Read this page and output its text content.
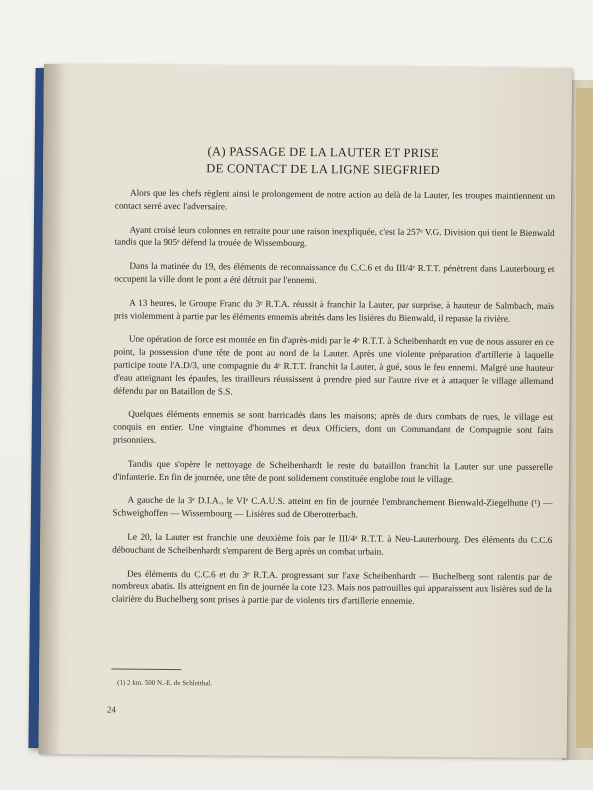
(A) PASSAGE DE LA LAUTER ET PRISE
DE CONTACT DE LA LIGNE SIEGFRIED

Alors que les chefs règlent ainsi le prolongement de notre action au delà de la Lauter, les troupes maintiennent un contact serré avec l'adversaire.

Ayant croisé leurs colonnes en retraite pour une raison inexpliquée, c'est la 257ᵉ V.G. Division qui tient le Bienwald tandis que la 905ᵉ défend la trouée de Wissembourg.

Dans la matinée du 19, des éléments de reconnaissance du C.C.6 et du III/4ᵉ R.T.T. pénètrent dans Lauterbourg et occupent la ville dont le pont a été détruit par l'ennemi.

A 13 heures, le Groupe Franc du 3ᵉ R.T.A. réussit à franchir la Lauter, par surprise, à hauteur de Salmbach, mais pris violemment à partie par les éléments ennemis abrités dans les lisières du Bienwald, il repasse la rivière.

Une opération de force est montée en fin d'après-midi par le 4ᵉ R.T.T. à Scheibenhardt en vue de nous assurer en ce point, la possession d'une tête de pont au nord de la Lauter. Après une violente préparation d'artillerie à laquelle participe toute l'A.D/3, une compagnie du 4ᵉ R.T.T. franchit la Lauter, à gué, sous le feu ennemi. Malgré une hauteur d'eau atteignant les épaules, les tirailleurs réussissent à prendre pied sur l'autre rive et à attaquer le village allemand défendu par un Bataillon de S.S.

Quelques éléments ennemis se sont barricadés dans les maisons; après de durs combats de rues, le village est conquis en entier. Une vingtaine d'hommes et deux Officiers, dont un Commandant de Compagnie sont faits prisonniers.

Tandis que s'opère le nettoyage de Scheibenhardt le reste du bataillon franchit la Lauter sur une passerelle d'infanterie. En fin de journée, une tête de pont solidement constituée englobe tout le village.

A gauche de la 3ᵉ D.I.A., le VIᵉ C.A.U.S. atteint en fin de journée l'embranchement Bienwald-Ziegelhutte (¹) — Schweighoffen — Wissembourg — Lisières sud de Oberotterbach.

Le 20, la Lauter est franchie une deuxième fois par le III/4ᵉ R.T.T. à Neu-Lauterbourg. Des éléments du C.C.6 débouchant de Scheibenhardt s'emparent de Berg après un combat urbain.

Des éléments du C.C.6 et du 3ᵉ R.T.A. progressant sur l'axe Scheibenhardt — Buchelberg sont ralentis par de nombreux abatis. Ils atteignent en fin de journée la cote 123. Mais nos patrouilles qui apparaissent aux lisières sud de la clairière du Buchelberg sont prises à partie par de violents tirs d'artillerie ennemie.

(1) 2 km. 500 N.-E. de Schleithal.
24
